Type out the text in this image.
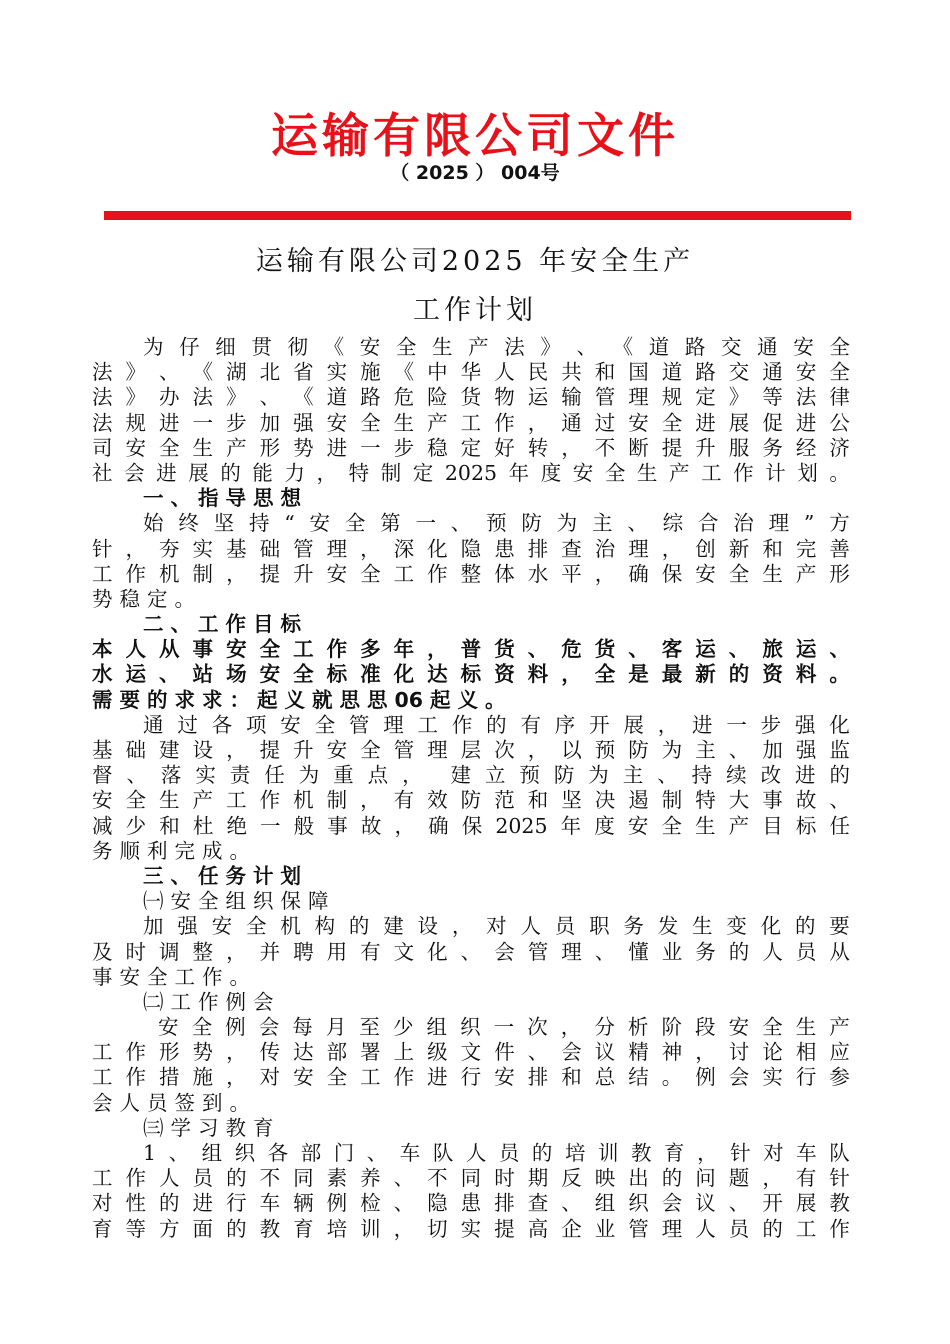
运输有限公司文件
（ 2025 ） 004号
运输有限公司2025 年安全生产
工作计划
为 仔 细 贯 彻 《 安 全 生 产 法 》 、 《 道 路 交 通 安 全
法 》 、 《 湖 北 省 实 施 《 中 华 人 民 共 和 国 道 路 交 通 安 全
法 》 办 法 》 、 《 道 路 危 险 货 物 运 输 管 理 规 定 》 等 法 律
法 规 进 一 步 加 强 安 全 生 产 工 作 ， 通 过 安 全 进 展 促 进 公
司 安 全 生 产 形 势 进 一 步 稳 定 好 转 ， 不 断 提 升 服 务 经 济
社 会 进 展 的 能 力 ， 特 制 定 2025 年 度 安 全 生 产 工 作 计 划 。
一 、 指 导 思 想
始 终 坚 持 “ 安 全 第 一 、 预 防 为 主 、 综 合 治 理 ” 方
针 ， 夯 实 基 础 管 理 ， 深 化 隐 患 排 查 治 理 ， 创 新 和 完 善
工 作 机 制 ， 提 升 安 全 工 作 整 体 水 平 ， 确 保 安 全 生 产 形
势 稳 定 。
二 、 工 作 目 标
本 人 从 事 安 全 工 作 多 年 ， 普 货 、 危 货 、 客 运 、 旅 运 、
水 运 、 站 场 安 全 标 准 化 达 标 资 料 ， 全 是 最 新 的 资 料 。
需 要 的 求 求 ： 起 义 就 思 思 06 起 义 。
通 过 各 项 安 全 管 理 工 作 的 有 序 开 展 ， 进 一 步 强 化
基 础 建 设 ， 提 升 安 全 管 理 层 次 ， 以 预 防 为 主 、 加 强 监
督 、 落 实 责 任 为 重 点 ， 建 立 预 防 为 主 、 持 续 改 进 的
安 全 生 产 工 作 机 制 ， 有 效 防 范 和 坚 决 遏 制 特 大 事 故 、
减 少 和 杜 绝 一 般 事 故 ， 确 保 2025 年 度 安 全 生 产 目 标 任
务 顺 利 完 成 。
三 、 任 务 计 划
㈠ 安 全 组 织 保 障
加 强 安 全 机 构 的 建 设 ， 对 人 员 职 务 发 生 变 化 的 要
及 时 调 整 ， 并 聘 用 有 文 化 、 会 管 理 、 懂 业 务 的 人 员 从
事 安 全 工 作 。
㈡ 工 作 例 会
安 全 例 会 每 月 至 少 组 织 一 次 ， 分 析 阶 段 安 全 生 产
工 作 形 势 ， 传 达 部 署 上 级 文 件 、 会 议 精 神 ， 讨 论 相 应
工 作 措 施 ， 对 安 全 工 作 进 行 安 排 和 总 结 。 例 会 实 行 参
会 人 员 签 到 。
㈢ 学 习 教 育
1 、 组 织 各 部 门 、 车 队 人 员 的 培 训 教 育 ， 针 对 车 队
工 作 人 员 的 不 同 素 养 、 不 同 时 期 反 映 出 的 问 题 ， 有 针
对 性 的 进 行 车 辆 例 检 、 隐 患 排 查 、 组 织 会 议 、 开 展 教
育 等 方 面 的 教 育 培 训 ， 切 实 提 高 企 业 管 理 人 员 的 工 作
